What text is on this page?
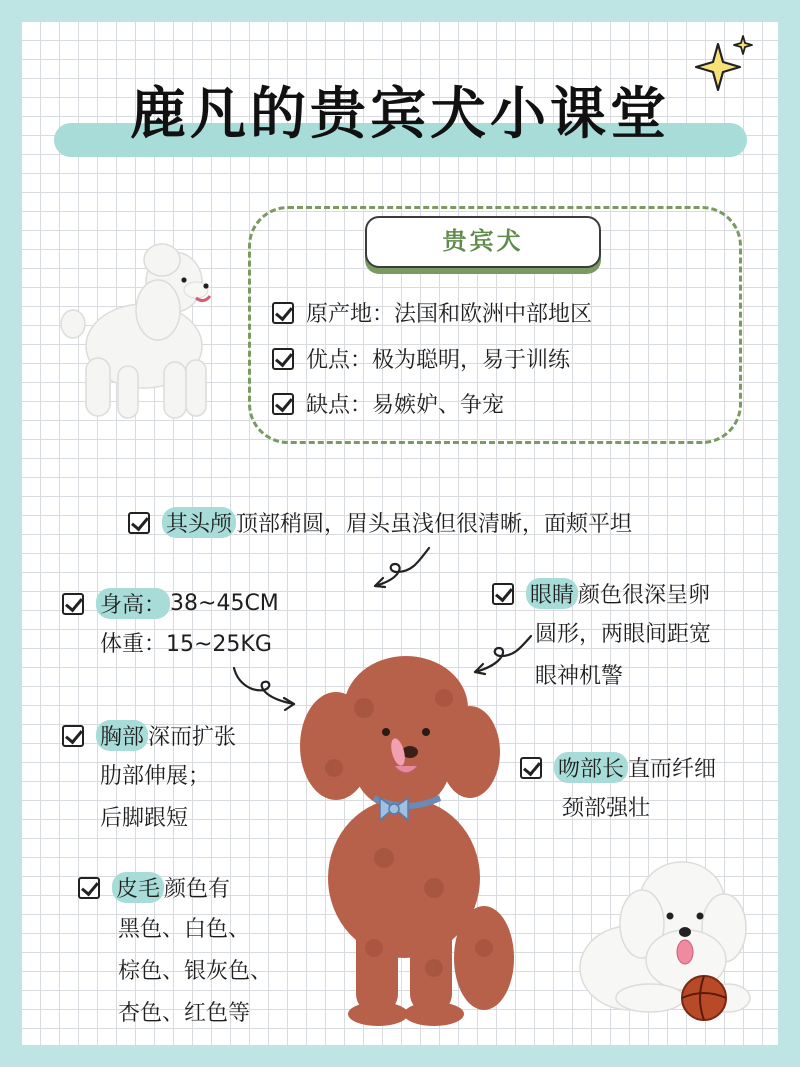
鹿凡的贵宾犬小课堂
贵宾犬
原产地：法国和欧洲中部地区
优点：极为聪明，易于训练
缺点：易嫉妒、争宠
其头颅 顶部稍圆，眉头虽浅但很清晰，面颊平坦
身高： 38~45CM
体重：15~25KG
眼睛 颜色很深呈卵
圆形，两眼间距宽
眼神机警
胸部 深而扩张
肋部伸展；
后脚跟短
吻部长 直而纤细
颈部强壮
皮毛 颜色有
黑色、白色、
棕色、银灰色、
杏色、红色等
